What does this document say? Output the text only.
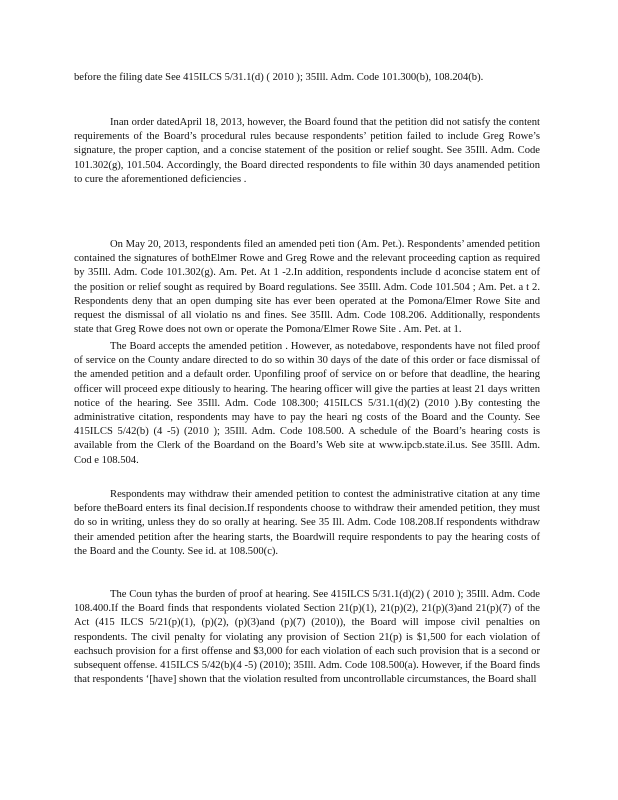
before the filing date See 415ILCS 5/31.1(d) ( 2010 ); 35Ill. Adm. Code 101.300(b), 108.204(b).

Inan order datedApril 18, 2013, however, the Board found that the petition did not satisfy the content requirements of the Board’s procedural rules because respondents’ petition failed to include Greg Rowe’s signature, the proper caption, and a concise statement of the position or relief sought. See 35Ill. Adm. Code 101.302(g), 101.504. Accordingly, the Board directed respondents to file within 30 days anamended petition to cure the aforementioned deficiencies .

On May 20, 2013, respondents filed an amended peti tion (Am. Pet.). Respondents’ amended petition contained the signatures of bothElmer Rowe and Greg Rowe and the relevant proceeding caption as required by 35Ill. Adm. Code 101.302(g). Am. Pet. At 1 -2.In addition, respondents include d aconcise statem ent of the position or relief sought as required by Board regulations. See 35Ill. Adm. Code 101.504 ; Am. Pet. a t 2. Respondents deny that an open dumping site has ever been operated at the Pomona/Elmer Rowe Site and request the dismissal of all violatio ns and fines. See 35Ill. Adm. Code 108.206. Additionally, respondents state that Greg Rowe does not own or operate the Pomona/Elmer Rowe Site . Am. Pet. at 1.

The Board accepts the amended petition . However, as notedabove, respondents have not filed proof of service on the County andare directed to do so within 30 days of the date of this order or face dismissal of the amended petition and a default order. Uponfiling proof of service on or before that deadline, the hearing officer will proceed expe ditiously to hearing. The hearing officer will give the parties at least 21 days written notice of the hearing. See 35Ill. Adm. Code 108.300; 415ILCS 5/31.1(d)(2) (2010 ).By contesting the administrative citation, respondents may have to pay the heari ng costs of the Board and the County. See 415ILCS 5/42(b) (4 -5) (2010 ); 35Ill. Adm. Code 108.500. A schedule of the Board’s hearing costs is available from the Clerk of the Boardand on the Board’s Web site at www.ipcb.state.il.us. See 35Ill. Adm. Cod e 108.504.

Respondents may withdraw their amended petition to contest the administrative citation at any time before theBoard enters its final decision.If respondents choose to withdraw their amended petition, they must do so in writing, unless they do so orally at hearing. See 35 Ill. Adm. Code 108.208.If respondents withdraw their amended petition after the hearing starts, the Boardwill require respondents to pay the hearing costs of the Board and the County. See id. at 108.500(c).

The Coun tyhas the burden of proof at hearing. See 415ILCS 5/31.1(d)(2) ( 2010 ); 35Ill. Adm. Code 108.400.If the Board finds that respondents violated Section 21(p)(1), 21(p)(2), 21(p)(3)and 21(p)(7) of the Act (415 ILCS 5/21(p)(1), (p)(2), (p)(3)and (p)(7) (2010)), the Board will impose civil penalties on respondents. The civil penalty for violating any provision of Section 21(p) is $1,500 for each violation of eachsuch provision for a first offense and $3,000 for each violation of each such provision that is a second or subsequent offense. 415ILCS 5/42(b)(4 -5) (2010); 35Ill. Adm. Code 108.500(a). However, if the Board finds that respondents ‘[have] shown that the violation resulted from uncontrollable circumstances, the Board shall
